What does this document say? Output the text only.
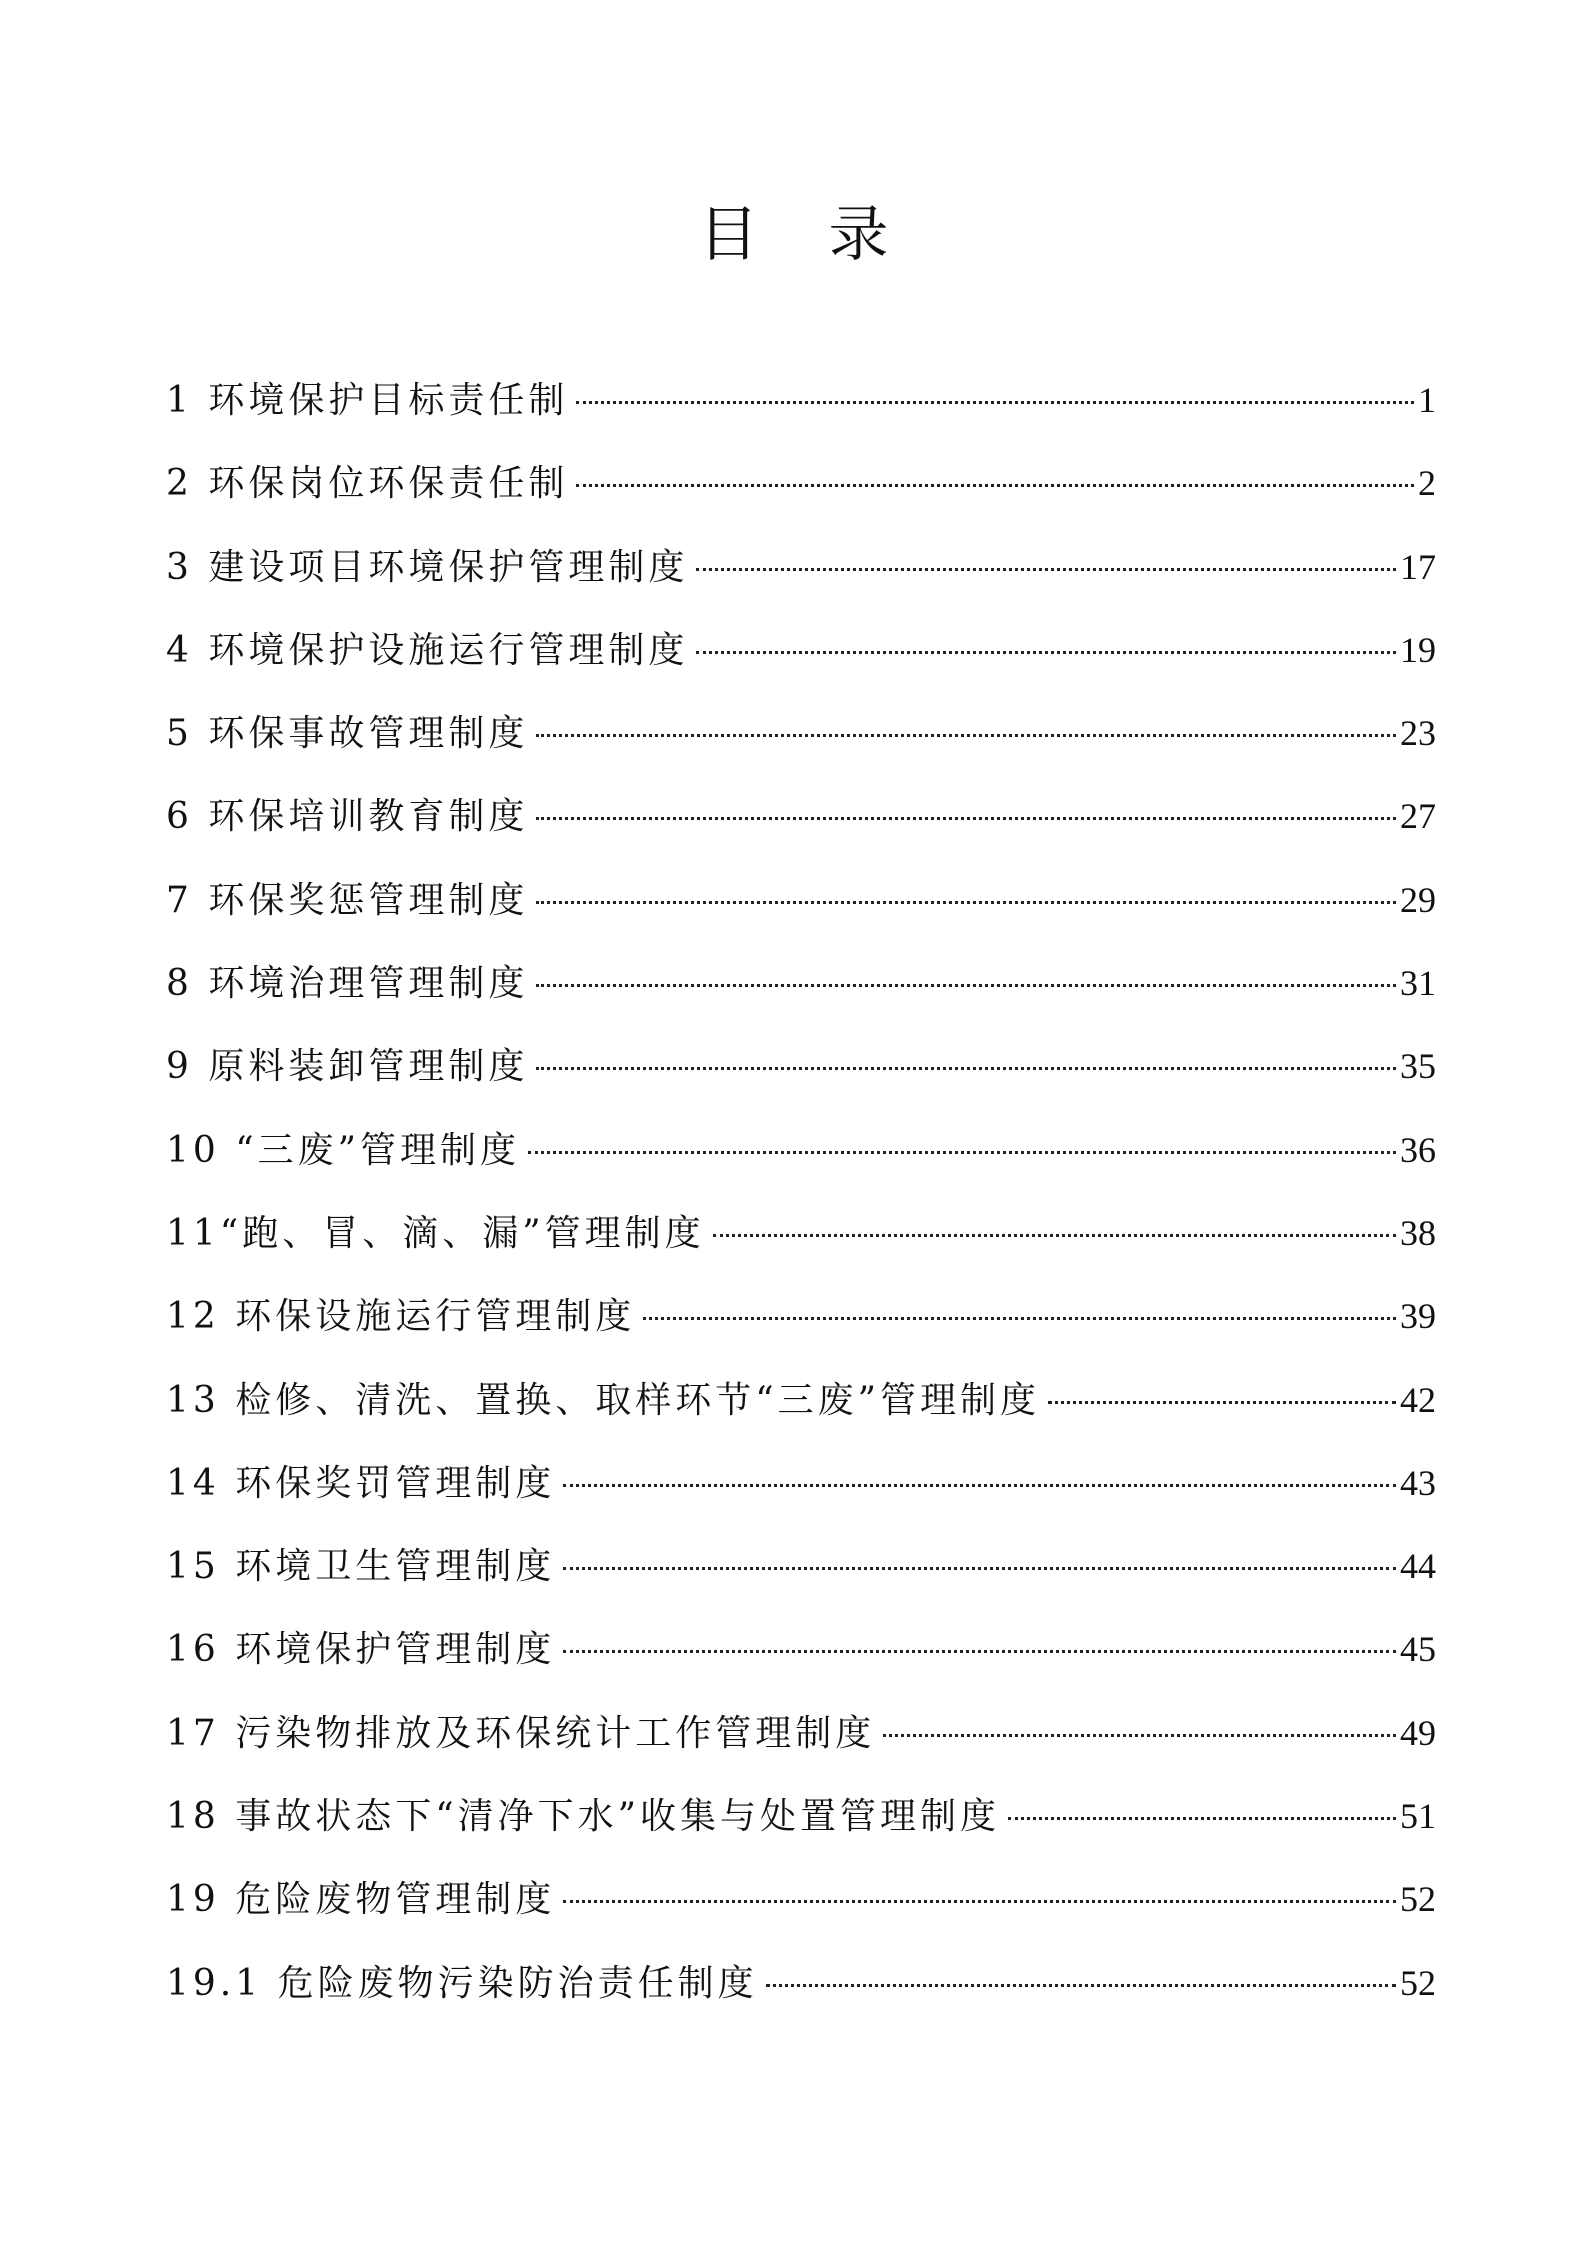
目 录
1 环境保护目标责任制	1
2 环保岗位环保责任制	2
3 建设项目环境保护管理制度	17
4 环境保护设施运行管理制度	19
5 环保事故管理制度	23
6 环保培训教育制度	27
7 环保奖惩管理制度	29
8 环境治理管理制度	31
9 原料装卸管理制度	35
10 “三废”管理制度	36
11“跑、冒、滴、漏”管理制度	38
12 环保设施运行管理制度	39
13 检修、清洗、置换、取样环节“三废”管理制度	42
14 环保奖罚管理制度	43
15 环境卫生管理制度	44
16 环境保护管理制度	45
17 污染物排放及环保统计工作管理制度	49
18 事故状态下“清净下水”收集与处置管理制度	51
19 危险废物管理制度	52
19.1 危险废物污染防治责任制度	52
